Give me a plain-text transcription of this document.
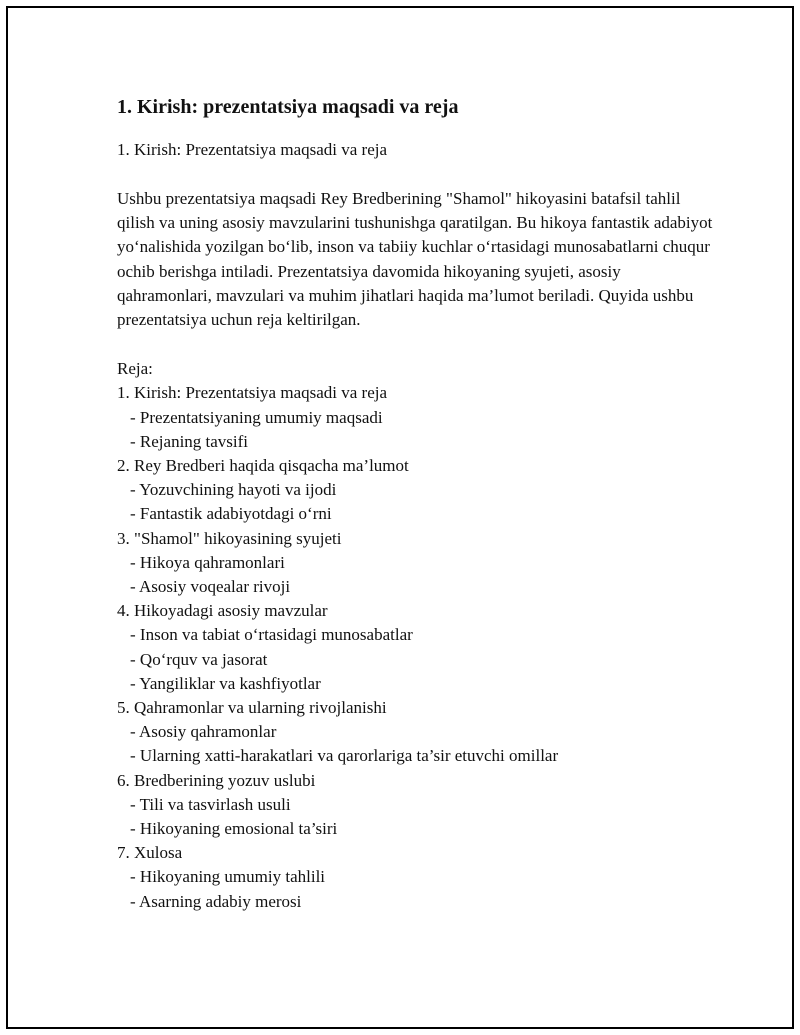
1. Kirish: prezentatsiya maqsadi va reja

1. Kirish: Prezentatsiya maqsadi va reja

Ushbu prezentatsiya maqsadi Rey Bredberining "Shamol" hikoyasini batafsil tahlil qilish va uning asosiy mavzularini tushunishga qaratilgan. Bu hikoya fantastik adabiyot yo‘nalishida yozilgan bo‘lib, inson va tabiiy kuchlar o‘rtasidagi munosabatlarni chuqur ochib berishga intiladi. Prezentatsiya davomida hikoyaning syujeti, asosiy qahramonlari, mavzulari va muhim jihatlari haqida ma’lumot beriladi. Quyida ushbu prezentatsiya uchun reja keltirilgan.

Reja:

1. Kirish: Prezentatsiya maqsadi va reja
- Prezentatsiyaning umumiy maqsadi
- Rejaning tavsifi
2. Rey Bredberi haqida qisqacha ma’lumot
- Yozuvchining hayoti va ijodi
- Fantastik adabiyotdagi o‘rni
3. "Shamol" hikoyasining syujeti
- Hikoya qahramonlari
- Asosiy voqealar rivoji
4. Hikoyadagi asosiy mavzular
- Inson va tabiat o‘rtasidagi munosabatlar
- Qo‘rquv va jasorat
- Yangiliklar va kashfiyotlar
5. Qahramonlar va ularning rivojlanishi
- Asosiy qahramonlar
- Ularning xatti-harakatlari va qarorlariga ta’sir etuvchi omillar
6. Bredberining yozuv uslubi
- Tili va tasvirlash usuli
- Hikoyaning emosional ta’siri
7. Xulosa
- Hikoyaning umumiy tahlili
- Asarning adabiy merosi
